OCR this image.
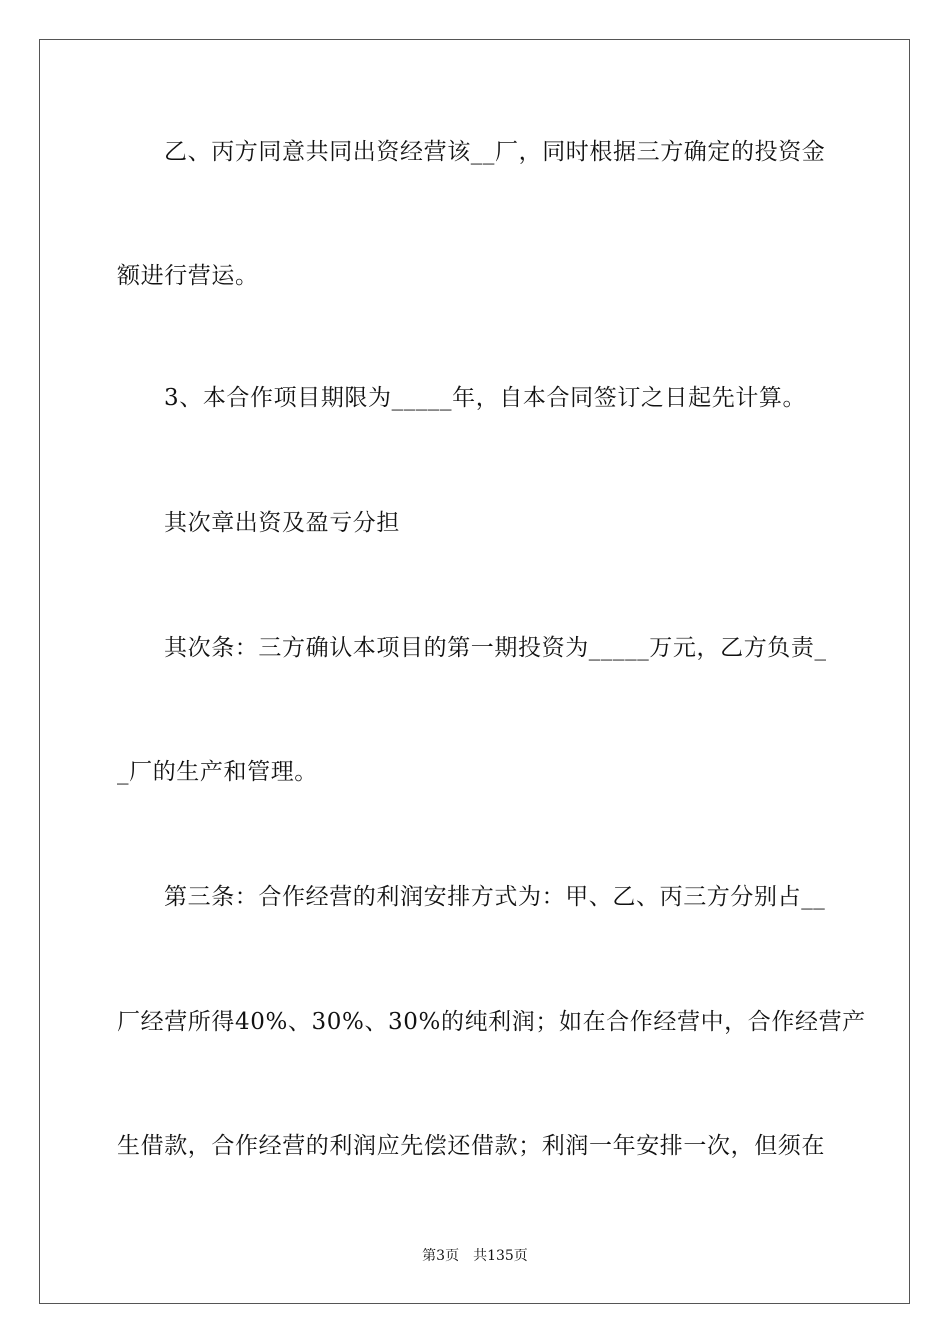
乙、丙方同意共同出资经营该__厂，同时根据三方确定的投资金
额进行营运。
3、本合作项目期限为_____年，自本合同签订之日起先计算。
其次章出资及盈亏分担
其次条：三方确认本项目的第一期投资为_____万元，乙方负责_
_厂的生产和管理。
第三条：合作经营的利润安排方式为：甲、乙、丙三方分别占__
厂经营所得40%、30%、30%的纯利润；如在合作经营中，合作经营产
生借款，合作经营的利润应先偿还借款；利润一年安排一次，但须在
第3页　共135页
